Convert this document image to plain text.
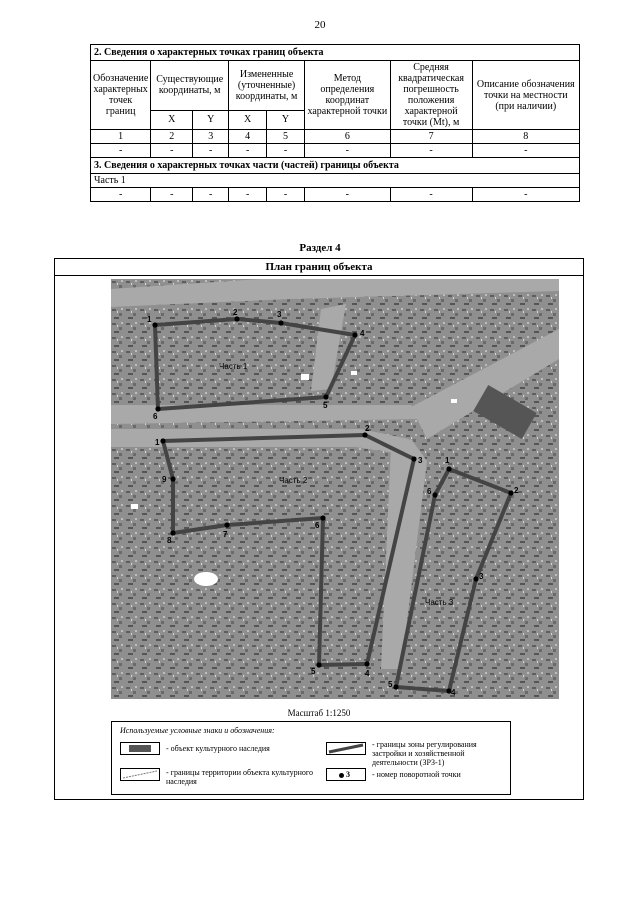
20
2. Сведения о характерных точках границ объекта							
Обозначение характерных точек границ	Существующие координаты, м		Измененные (уточненные) координаты, м		Метод определения координат характерной точки	Средняя квадратическая погрешность положения характерной точки (Mt), м	Описание обозначения точки на местности (при наличии)
	X	Y	X	Y			
1	2	3	4	5	6	7	8
-	-	-	-	-	-	-	-
3. Сведения о характерных точках части (частей) границы объекта							
Часть 1							
-	-	-	-	-	-	-	-
Раздел 4
План границ объекта
Часть 1
Часть 2
Часть 3
1
2	3
4
5
6
1
2
3
4
5
6
7
8
9
1
2
3
4
5
6
Масштаб 1:1250
Используемые условные знаки и обозначения:
- объект культурного наследия
- границы территории объекта культурного наследия
- границы зоны регулирования застройки и хозяйственной деятельности (ЗРЗ-1)
3	- номер поворотной точки
